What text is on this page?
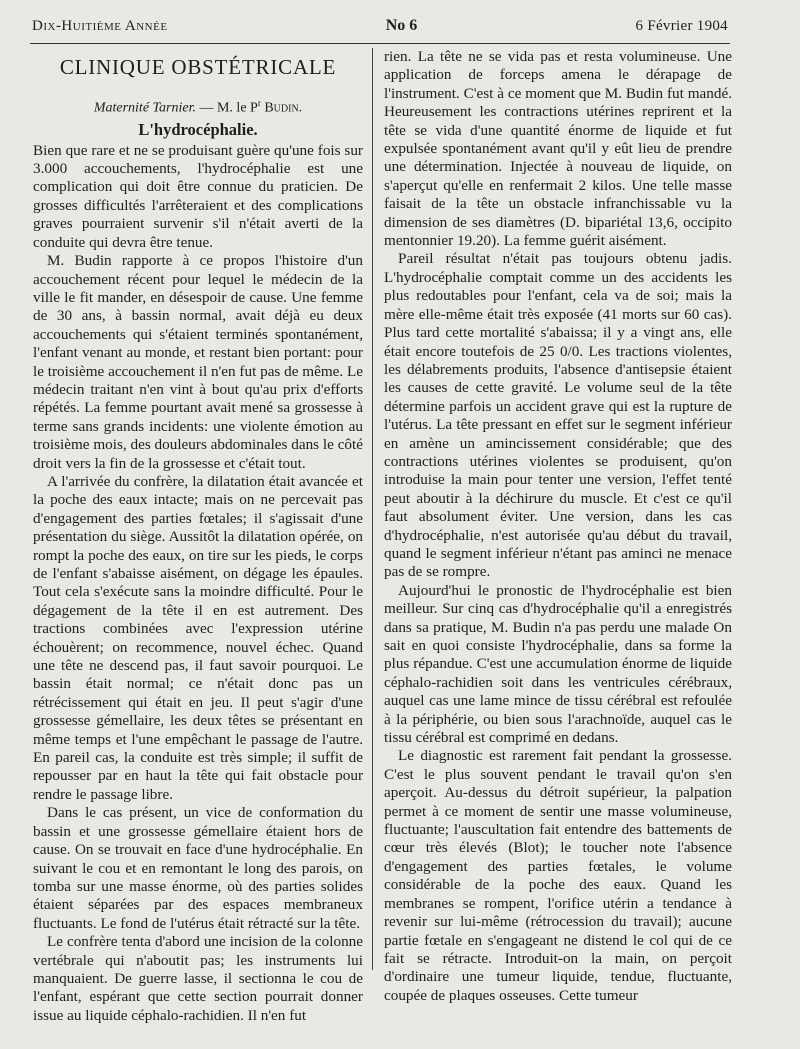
Dix-Huitième Année	No 6	6 Février 1904
CLINIQUE OBSTÉTRICALE
Maternité Tarnier. — M. le $P^r$ Budin.
L'hydrocéphalie.

Bien que rare et ne se produisant guère qu'une fois sur 3.000 accouchements, l'hydrocéphalie est une complication qui doit être connue du praticien. De grosses difficultés l'arrêteraient et des complications graves pourraient survenir s'il n'était averti de la conduite qui devra être tenue.

M. Budin rapporte à ce propos l'histoire d'un accouchement récent pour lequel le médecin de la ville le fit mander, en désespoir de cause. Une femme de 30 ans, à bassin normal, avait déjà eu deux accouchements qui s'étaient terminés spontanément, l'enfant venant au monde, et restant bien portant: pour le troisième accouchement il n'en fut pas de même. Le médecin traitant n'en vint à bout qu'au prix d'efforts répétés. La femme pourtant avait mené sa grossesse à terme sans grands incidents: une violente émotion au troisième mois, des douleurs abdominales dans le côté droit vers la fin de la grossesse et c'était tout.

A l'arrivée du confrère, la dilatation était avancée et la poche des eaux intacte; mais on ne percevait pas d'engagement des parties fœtales; il s'agissait d'une présentation du siège. Aussitôt la dilatation opérée, on rompt la poche des eaux, on tire sur les pieds, le corps de l'enfant s'abaisse aisément, on dégage les épaules. Tout cela s'exécute sans la moindre difficulté. Pour le dégagement de la tête il en est autrement. Des tractions combinées avec l'expression utérine échouèrent; on recommence, nouvel échec. Quand une tête ne descend pas, il faut savoir pourquoi. Le bassin était normal; ce n'était donc pas un rétrécissement qui était en jeu. Il peut s'agir d'une grossesse gémellaire, les deux têtes se présentant en même temps et l'une empêchant le passage de l'autre. En pareil cas, la conduite est très simple; il suffit de repousser par en haut la tête qui fait obstacle pour rendre le passage libre.

Dans le cas présent, un vice de conformation du bassin et une grossesse gémellaire étaient hors de cause. On se trouvait en face d'une hydrocéphalie. En suivant le cou et en remontant le long des parois, on tomba sur une masse énorme, où des parties solides étaient séparées par des espaces membraneux fluctuants. Le fond de l'utérus était rétracté sur la tête.

Le confrère tenta d'abord une incision de la colonne vertébrale qui n'aboutit pas; les instruments lui manquaient. De guerre lasse, il sectionna le cou de l'enfant, espérant que cette section pourrait donner issue au liquide céphalo-rachidien. Il n'en fut

rien. La tête ne se vida pas et resta volumineuse. Une application de forceps amena le dérapage de l'instrument. C'est à ce moment que M. Budin fut mandé. Heureusement les contractions utérines reprirent et la tête se vida d'une quantité énorme de liquide et fut expulsée spontanément avant qu'il y eût lieu de prendre une détermination. Injectée à nouveau de liquide, on s'aperçut qu'elle en renfermait 2 kilos. Une telle masse faisait de la tête un obstacle infranchissable vu la dimension de ses diamètres (D. bipariétal 13,6, occipito mentonnier 19.20). La femme guérit aisément.

Pareil résultat n'était pas toujours obtenu jadis. L'hydrocéphalie comptait comme un des accidents les plus redoutables pour l'enfant, cela va de soi; mais la mère elle-même était très exposée (41 morts sur 60 cas). Plus tard cette mortalité s'abaissa; il y a vingt ans, elle était encore toutefois de 25 0/0. Les tractions violentes, les délabrements produits, l'absence d'antisepsie étaient les causes de cette gravité. Le volume seul de la tête détermine parfois un accident grave qui est la rupture de l'utérus. La tête pressant en effet sur le segment inférieur en amène un amincissement considérable; que des contractions utérines violentes se produisent, qu'on introduise la main pour tenter une version, l'effet tenté peut aboutir à la déchirure du muscle. Et c'est ce qu'il faut absolument éviter. Une version, dans les cas d'hydrocéphalie, n'est autorisée qu'au début du travail, quand le segment inférieur n'étant pas aminci ne menace pas de se rompre.

Aujourd'hui le pronostic de l'hydrocéphalie est bien meilleur. Sur cinq cas d'hydrocéphalie qu'il a enregistrés dans sa pratique, M. Budin n'a pas perdu une malade On sait en quoi consiste l'hydrocéphalie, dans sa forme la plus répandue. C'est une accumulation énorme de liquide céphalo-rachidien soit dans les ventricules cérébraux, auquel cas une lame mince de tissu cérébral est refoulée à la périphérie, ou bien sous l'arachnoïde, auquel cas le tissu cérébral est comprimé en dedans.

Le diagnostic est rarement fait pendant la grossesse. C'est le plus souvent pendant le travail qu'on s'en aperçoit. Au-dessus du détroit supérieur, la palpation permet à ce moment de sentir une masse volumineuse, fluctuante; l'auscultation fait entendre des battements de cœur très élevés (Blot); le toucher note l'absence d'engagement des parties fœtales, le volume considérable de la poche des eaux. Quand les membranes se rompent, l'orifice utérin a tendance à revenir sur lui-même (rétrocession du travail); aucune partie fœtale en s'engageant ne distend le col qui de ce fait se rétracte. Introduit-on la main, on perçoit d'ordinaire une tumeur liquide, tendue, fluctuante, coupée de plaques osseuses. Cette tumeur
